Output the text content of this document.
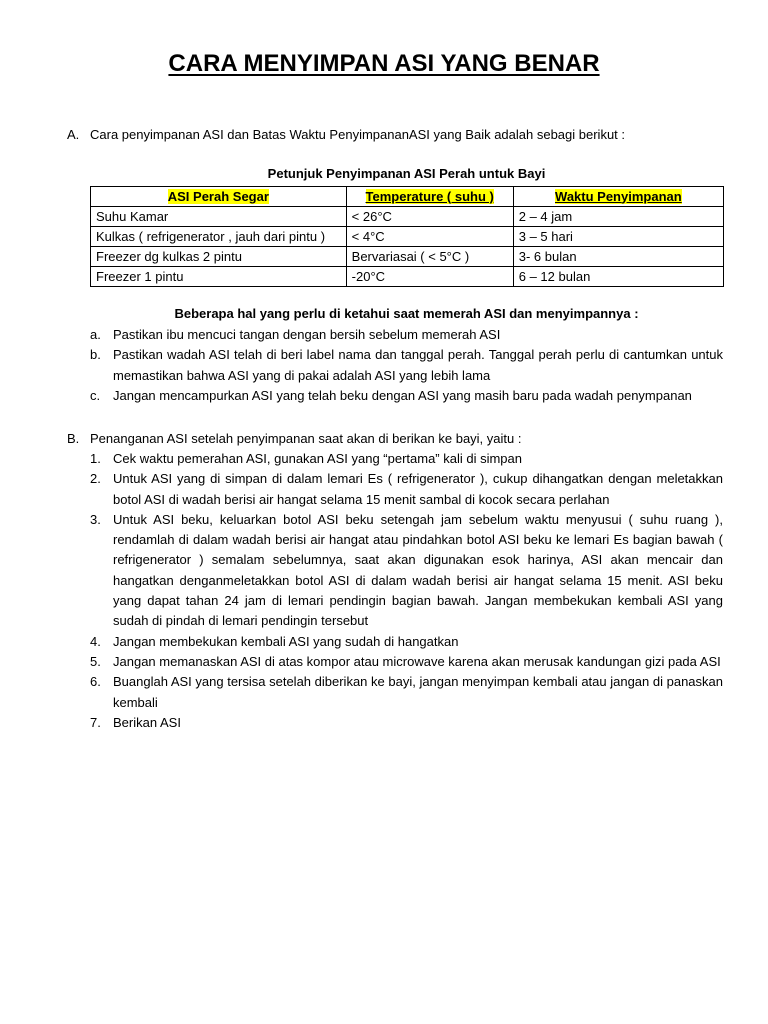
CARA MENYIMPAN ASI YANG BENAR
A. Cara penyimpanan ASI dan Batas Waktu PenyimpananASI yang Baik adalah sebagi berikut :
Petunjuk Penyimpanan ASI Perah untuk Bayi
ASI Perah Segar	Temperature ( suhu )	Waktu Penyimpanan
Suhu Kamar	< 26°C	2 – 4 jam
Kulkas ( refrigenerator , jauh dari pintu )	< 4°C	3 – 5 hari
Freezer dg kulkas 2 pintu	Bervariasai ( < 5°C )	3- 6 bulan
Freezer 1 pintu	-20°C	6 – 12 bulan
Beberapa hal yang perlu di ketahui saat memerah ASI dan menyimpannya :
a. Pastikan ibu mencuci tangan dengan bersih sebelum memerah ASI
b. Pastikan wadah ASI telah di beri label nama dan tanggal perah. Tanggal perah perlu di cantumkan untuk memastikan bahwa ASI yang di pakai adalah ASI yang lebih lama
c. Jangan mencampurkan ASI yang telah beku dengan ASI yang masih baru pada wadah penympanan
B. Penanganan ASI setelah penyimpanan saat akan di berikan ke bayi, yaitu :
1. Cek waktu pemerahan ASI, gunakan ASI yang “pertama” kali di simpan
2. Untuk ASI yang di simpan di dalam lemari Es ( refrigenerator ), cukup dihangatkan dengan meletakkan botol ASI di wadah berisi air hangat selama 15 menit sambal di kocok secara perlahan
3. Untuk ASI beku, keluarkan botol ASI beku setengah jam sebelum waktu menyusui ( suhu ruang ), rendamlah di dalam wadah berisi air hangat atau pindahkan botol ASI beku ke lemari Es bagian bawah ( refrigenerator ) semalam sebelumnya, saat akan digunakan esok harinya, ASI akan mencair dan hangatkan denganmeletakkan botol ASI di dalam wadah berisi air hangat selama 15 menit. ASI beku yang dapat tahan 24 jam di lemari pendingin bagian bawah. Jangan membekukan kembali ASI yang sudah di pindah di lemari pendingin tersebut
4. Jangan membekukan kembali ASI yang sudah di hangatkan
5. Jangan memanaskan ASI di atas kompor atau microwave karena akan merusak kandungan gizi pada ASI
6. Buanglah ASI yang tersisa setelah diberikan ke bayi, jangan menyimpan kembali atau jangan di panaskan kembali
7. Berikan ASI
